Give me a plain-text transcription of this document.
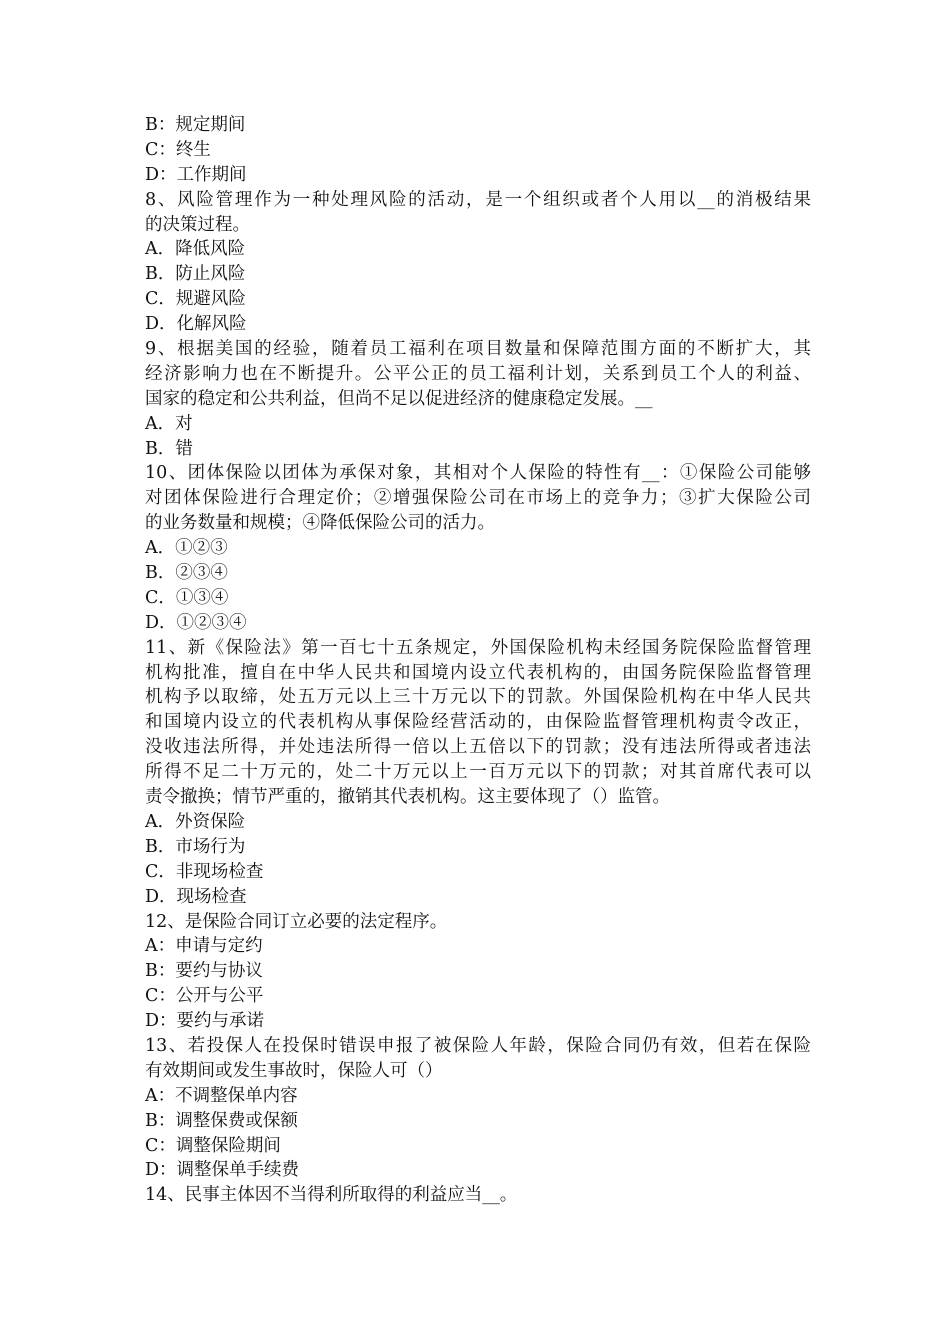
B：规定期间
C：终生
D：工作期间
8、风险管理作为一种处理风险的活动，是一个组织或者个人用以__的消极结果
的决策过程。
A．降低风险
B．防止风险
C．规避风险
D．化解风险
9、根据美国的经验，随着员工福利在项目数量和保障范围方面的不断扩大，其
经济影响力也在不断提升。公平公正的员工福利计划，关系到员工个人的利益、
国家的稳定和公共利益，但尚不足以促进经济的健康稳定发展。__
A．对
B．错
10、团体保险以团体为承保对象，其相对个人保险的特性有__：①保险公司能够
对团体保险进行合理定价；②增强保险公司在市场上的竞争力；③扩大保险公司
的业务数量和规模；④降低保险公司的活力。
A．①②③
B．②③④
C．①③④
D．①②③④
11、新《保险法》第一百七十五条规定，外国保险机构未经国务院保险监督管理
机构批准，擅自在中华人民共和国境内设立代表机构的，由国务院保险监督管理
机构予以取缔，处五万元以上三十万元以下的罚款。外国保险机构在中华人民共
和国境内设立的代表机构从事保险经营活动的，由保险监督管理机构责令改正，
没收违法所得，并处违法所得一倍以上五倍以下的罚款；没有违法所得或者违法
所得不足二十万元的，处二十万元以上一百万元以下的罚款；对其首席代表可以
责令撤换；情节严重的，撤销其代表机构。这主要体现了（）监管。
A．外资保险
B．市场行为
C．非现场检查
D．现场检查
12、是保险合同订立必要的法定程序。
A：申请与定约
B：要约与协议
C：公开与公平
D：要约与承诺
13、若投保人在投保时错误申报了被保险人年龄，保险合同仍有效，但若在保险
有效期间或发生事故时，保险人可（）
A：不调整保单内容
B：调整保费或保额
C：调整保险期间
D：调整保单手续费
14、民事主体因不当得利所取得的利益应当__。
